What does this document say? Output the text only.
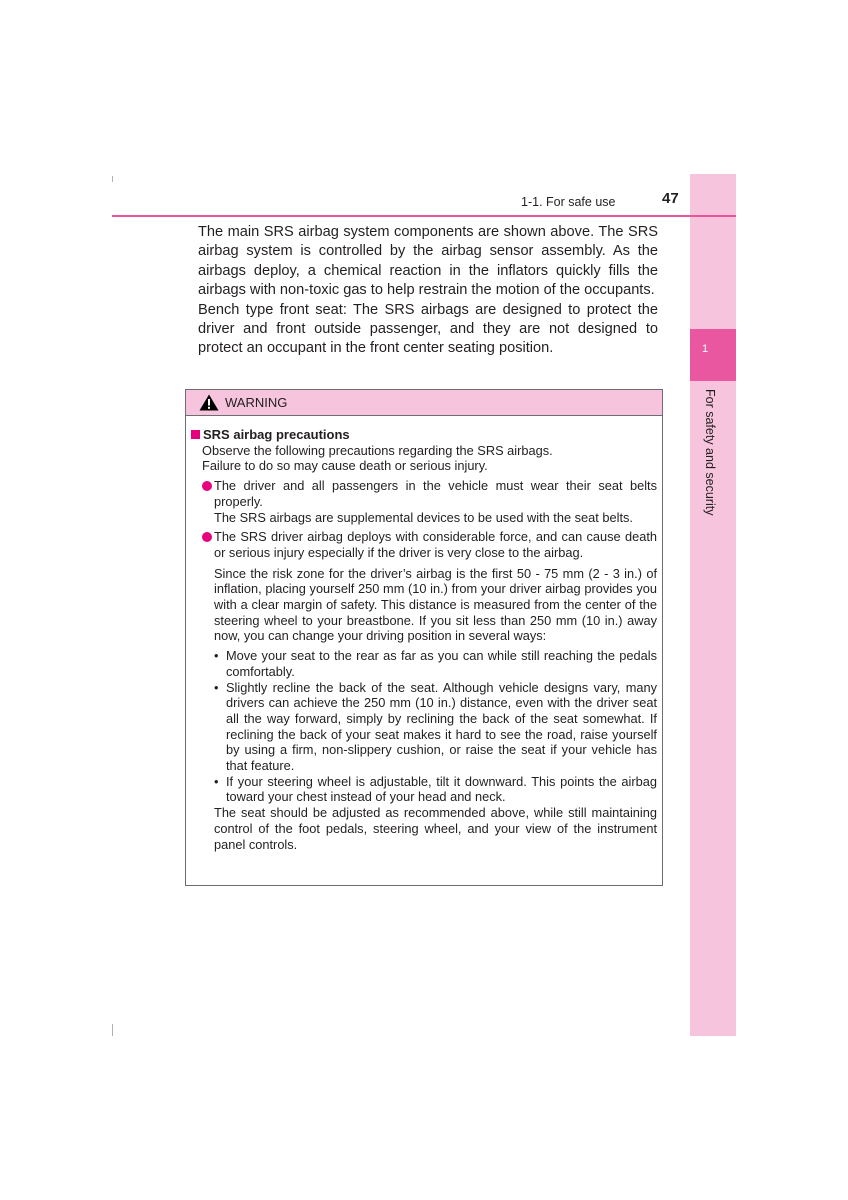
1
For safety and security
1-1. For safe use	47

The main SRS airbag system components are shown above. The SRS airbag system is controlled by the airbag sensor assembly. As the airbags deploy, a chemical reaction in the inflators quickly fills the airbags with non-toxic gas to help restrain the motion of the occupants.

Bench type front seat: The SRS airbags are designed to protect the driver and front outside passenger, and they are not designed to protect an occupant in the front center seating position.

WARNING
SRS airbag precautions
Observe the following precautions regarding the SRS airbags.
Failure to do so may cause death or serious injury.
The driver and all passengers in the vehicle must wear their seat belts properly.
The SRS airbags are supplemental devices to be used with the seat belts.
The SRS driver airbag deploys with considerable force, and can cause death or serious injury especially if the driver is very close to the airbag.
Since the risk zone for the driver’s airbag is the first 50 - 75 mm (2 - 3 in.) of inflation, placing yourself 250 mm (10 in.) from your driver airbag provides you with a clear margin of safety. This distance is measured from the center of the steering wheel to your breastbone. If you sit less than 250 mm (10 in.) away now, you can change your driving position in several ways:
• Move your seat to the rear as far as you can while still reaching the pedals comfortably.
• Slightly recline the back of the seat. Although vehicle designs vary, many drivers can achieve the 250 mm (10 in.) distance, even with the driver seat all the way forward, simply by reclining the back of the seat somewhat. If reclining the back of your seat makes it hard to see the road, raise yourself by using a firm, non-slippery cushion, or raise the seat if your vehicle has that feature.
• If your steering wheel is adjustable, tilt it downward. This points the airbag toward your chest instead of your head and neck.
The seat should be adjusted as recommended above, while still maintaining control of the foot pedals, steering wheel, and your view of the instrument panel controls.
